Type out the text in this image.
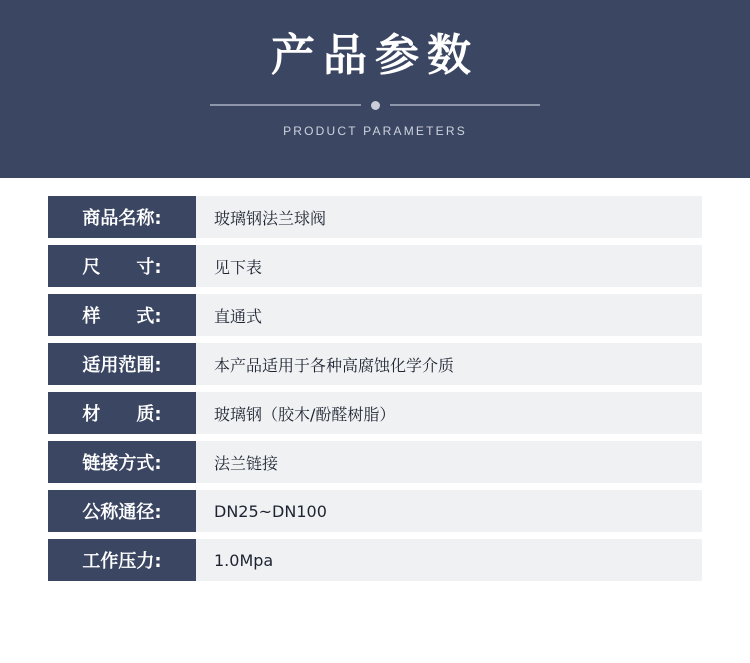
产品参数
PRODUCT PARAMETERS
商品名称:	玻璃钢法兰球阀
尺　　寸:	见下表
样　　式:	直通式
适用范围:	本产品适用于各种高腐蚀化学介质
材　　质:	玻璃钢（胶木/酚醛树脂）
链接方式:	法兰链接
公称通径:	DN25~DN100
工作压力:	1.0Mpa
